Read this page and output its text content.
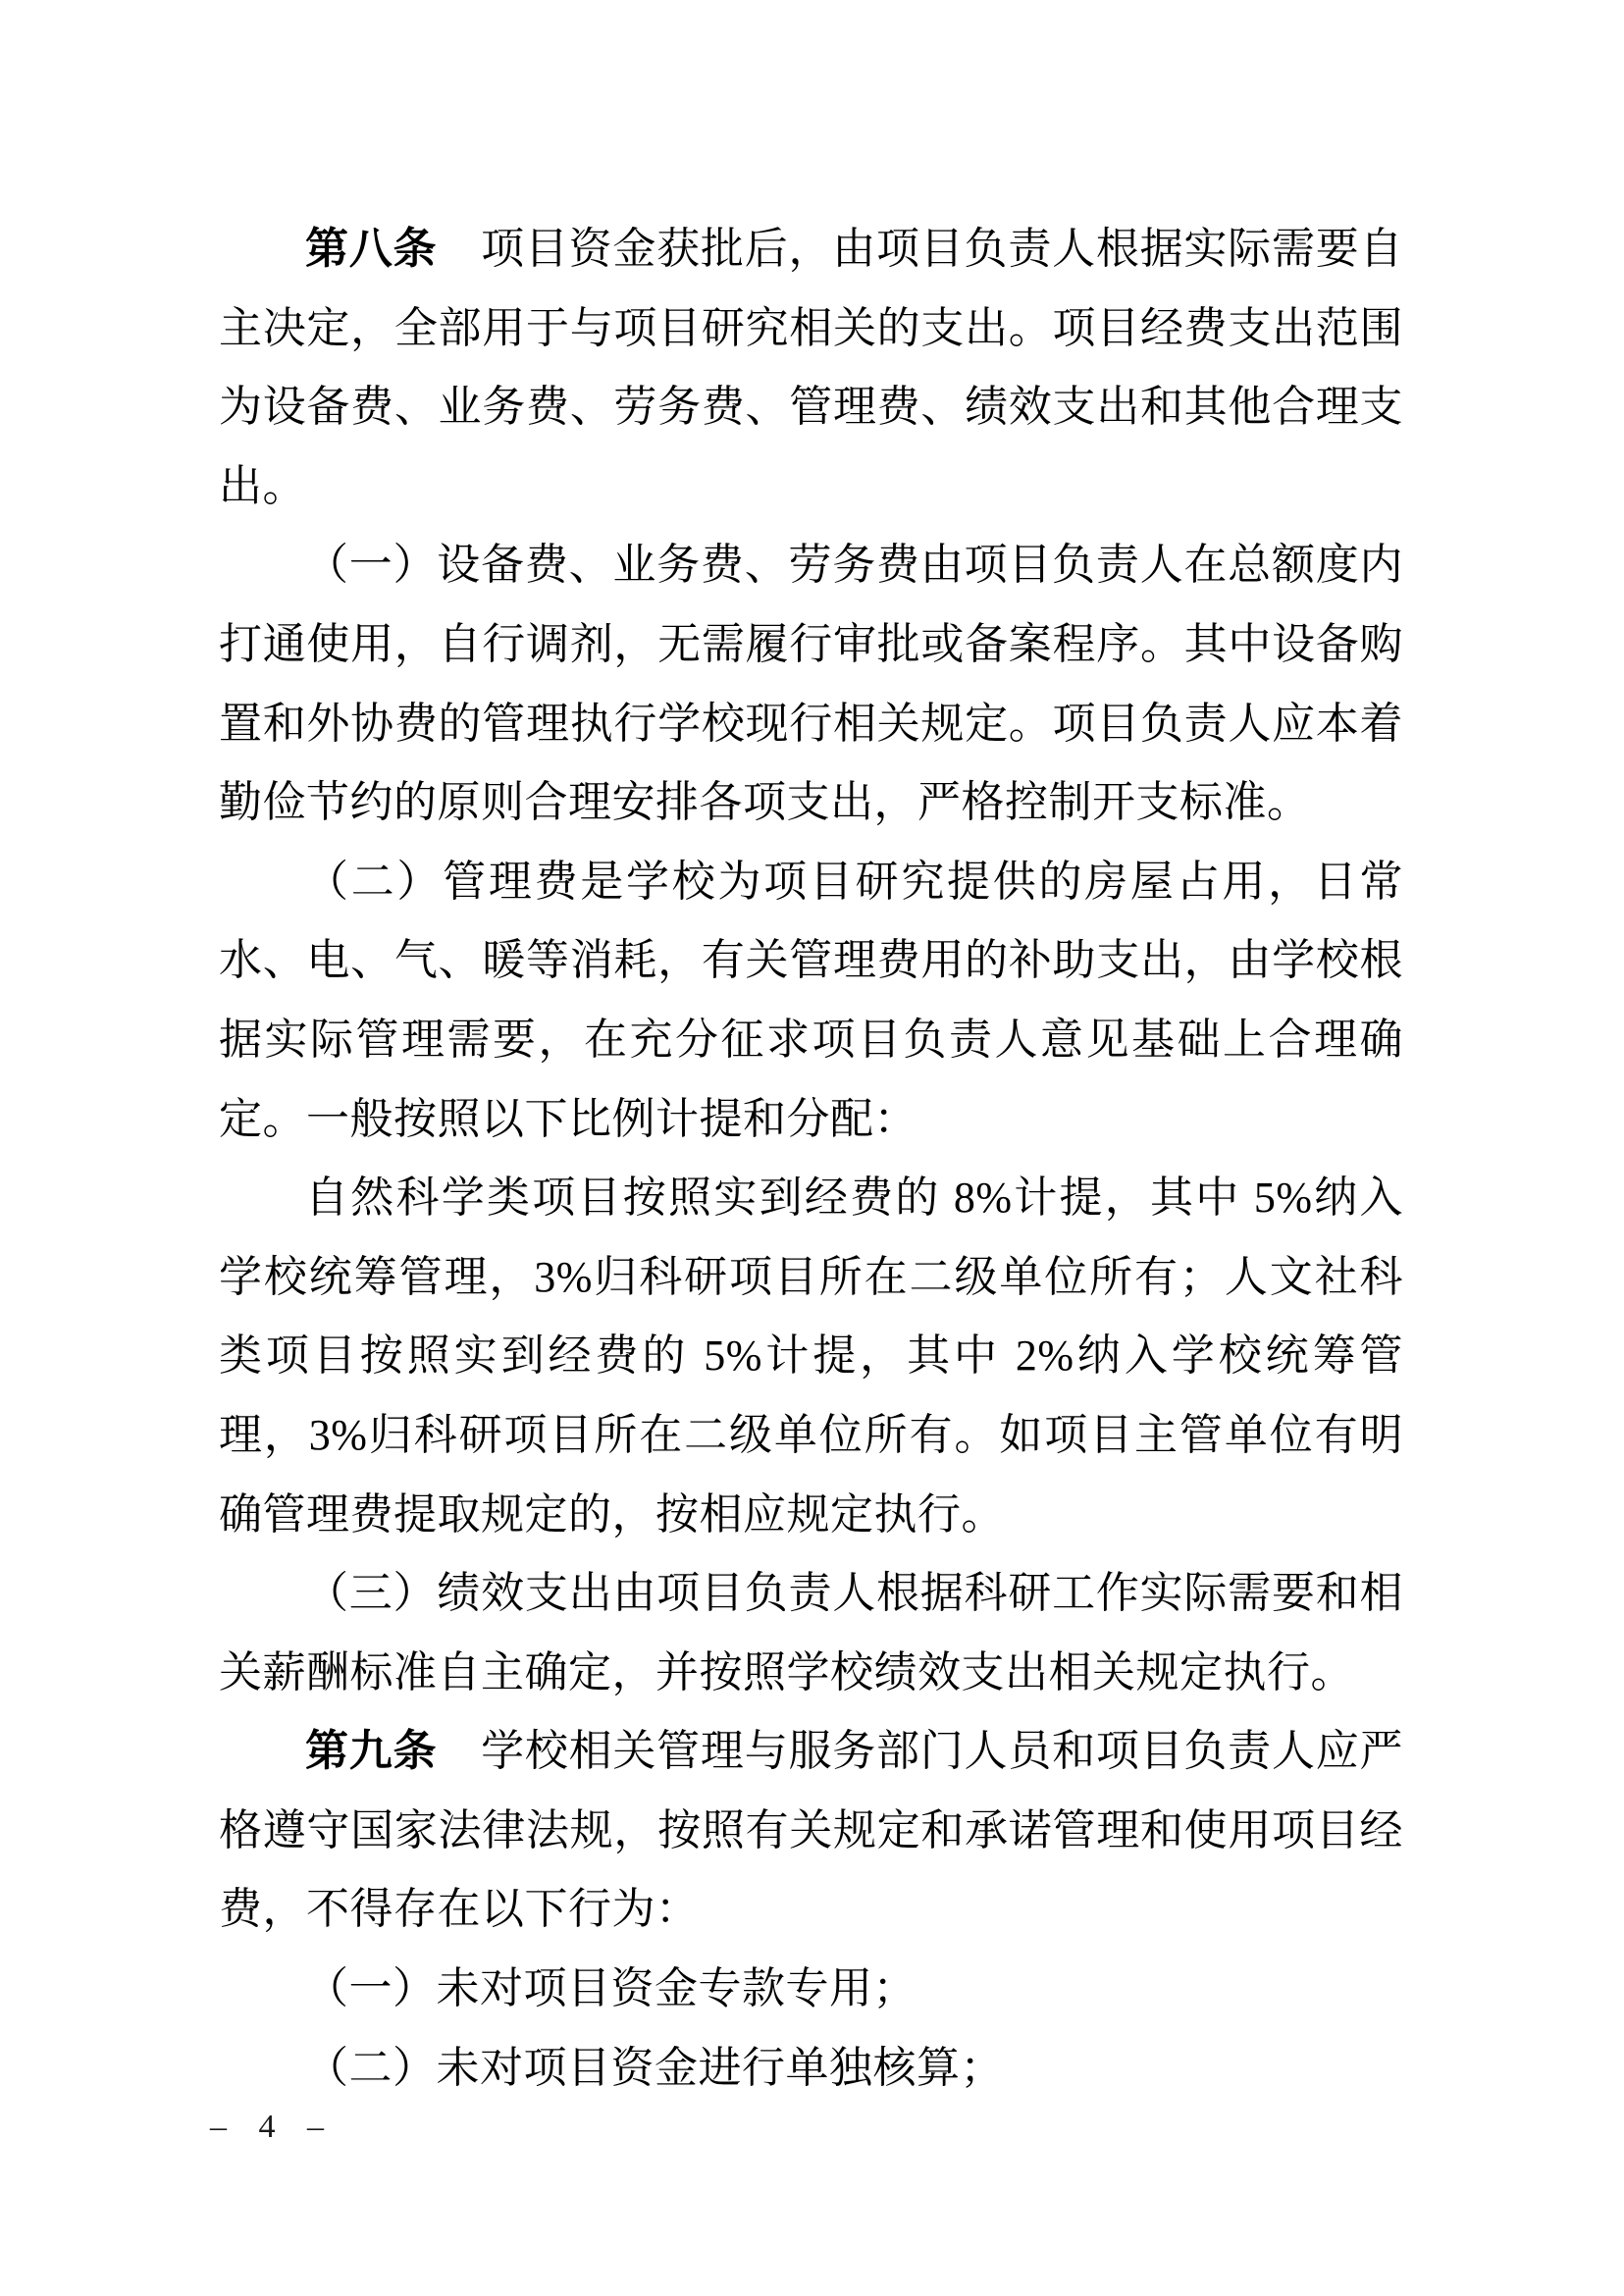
第八条　项目资金获批后，由项目负责人根据实际需要自主决定，全部用于与项目研究相关的支出。项目经费支出范围为设备费、业务费、劳务费、管理费、绩效支出和其他合理支出。

（一）设备费、业务费、劳务费由项目负责人在总额度内打通使用，自行调剂，无需履行审批或备案程序。其中设备购置和外协费的管理执行学校现行相关规定。项目负责人应本着勤俭节约的原则合理安排各项支出，严格控制开支标准。

（二）管理费是学校为项目研究提供的房屋占用，日常水、电、气、暖等消耗，有关管理费用的补助支出，由学校根据实际管理需要，在充分征求项目负责人意见基础上合理确定。一般按照以下比例计提和分配：

自然科学类项目按照实到经费的 8%计提，其中 5%纳入学校统筹管理，3%归科研项目所在二级单位所有；人文社科类项目按照实到经费的 5%计提，其中 2%纳入学校统筹管理，3%归科研项目所在二级单位所有。如项目主管单位有明确管理费提取规定的，按相应规定执行。

（三）绩效支出由项目负责人根据科研工作实际需要和相关薪酬标准自主确定，并按照学校绩效支出相关规定执行。

第九条　学校相关管理与服务部门人员和项目负责人应严格遵守国家法律法规，按照有关规定和承诺管理和使用项目经费，不得存在以下行为：

（一）未对项目资金专款专用；

（二）未对项目资金进行单独核算；

– 4 –
